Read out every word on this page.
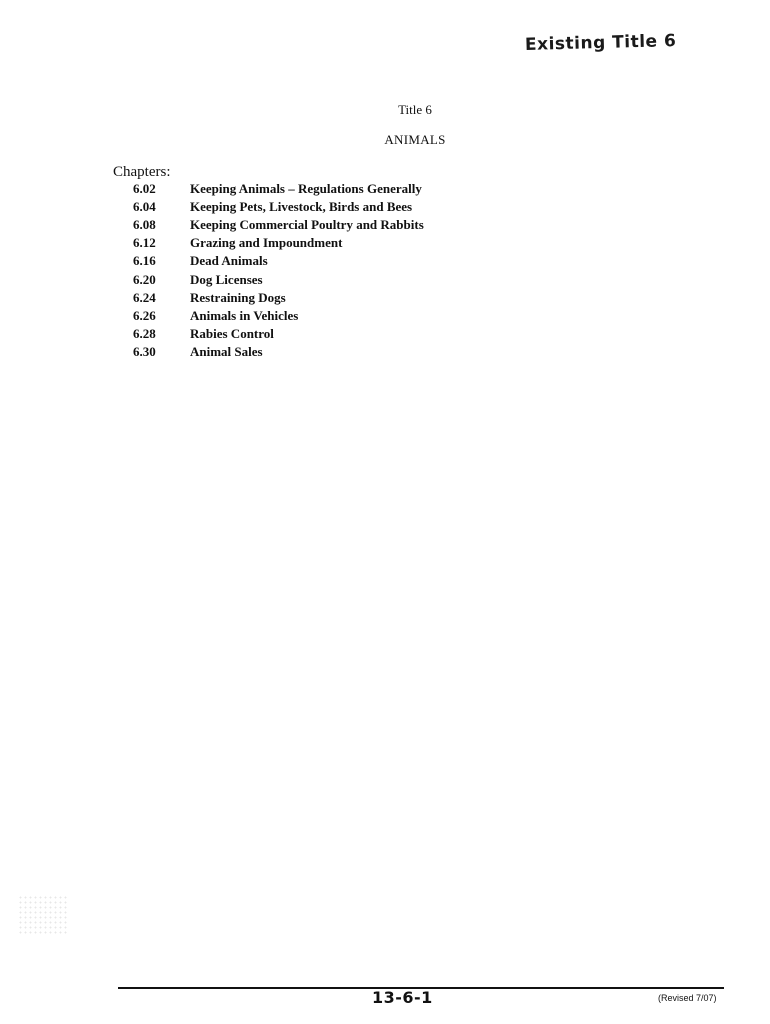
Existing Title 6
Title 6
ANIMALS
Chapters:
6.02	Keeping Animals – Regulations Generally
6.04	Keeping Pets, Livestock, Birds and Bees
6.08	Keeping Commercial Poultry and Rabbits
6.12	Grazing and Impoundment
6.16	Dead Animals
6.20	Dog Licenses
6.24	Restraining Dogs
6.26	Animals in Vehicles
6.28	Rabies Control
6.30	Animal Sales
13-6-1	(Revised 7/07)
